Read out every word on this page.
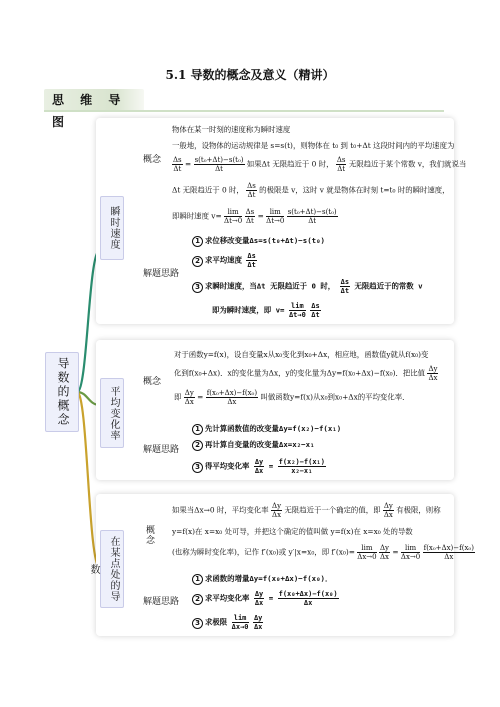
5.1 导数的概念及意义（精讲）
思 维 导 图
导数的概念
瞬时速度
概念
解题思路
物体在某一时刻的速度称为瞬时速度
一般地，设物体的运动规律是 s=s(t)，则物体在 t₀ 到 t₀+Δt 这段时间内的平均速度为
$\frac{\Delta s}{\Delta t} = \frac{\text{s(t₀+Δt)−s(t₀)}}{\Delta t}$ 如果Δt 无限趋近于 0 时， $\frac{\Delta s}{\Delta t}$ 无限趋近于某个常数 v，我们就说当
Δt 无限趋近于 0 时， $\frac{\Delta s}{\Delta t}$ 的极限是 v，这时 v 就是物体在时刻 t=t₀ 时的瞬时速度，
即瞬时速度 $v= \frac{\lim}{\Delta t\to 0}$
$\frac{\Delta s}{\Delta t} = \frac{\lim}{\Delta t\to 0}$
$\frac{\text{s(t₀+Δt)−s(t₀)}}{\Delta t}$
1 求位移改变量Δs=s(t₀+Δt)−s(t₀)
2 求平均速度 $\frac{\Delta s}{\Delta t}$
3 求瞬时速度，当Δt 无限趋近于 0 时， $\frac{\Delta s}{\Delta t}$ 无限趋近于的常数 v
即为瞬时速度，即 $v= \frac{\lim}{\Delta t\to 0}$
$\frac{\Delta s}{\Delta t}$
平均变化率
概念
解题思路
对于函数y=f(x)，设自变量x从x₀变化到x₀+Δx，相应地，函数值y就从f(x₀)变
化到f(x₀+Δx)．x的变化量为Δx，y的变化量为Δy=f(x₀+Δx)−f(x₀)．把比值 $\frac{\Delta y}{\Delta x}$
即 $\frac{\Delta y}{\Delta x} = \frac{\text{f(x₀+Δx)−f(x₀)}}{\Delta x}$ 叫做函数y=f(x)从x₀到x₀+Δx的平均变化率．
1 先计算函数值的改变量Δy=f(x₂)−f(x₁)
2 再计算自变量的改变量Δx=x₂−x₁
3 得平均变化率 $\frac{\Delta y}{\Delta x} = \frac{\text{f(x₂)−f(x₁)}}{\text{x₂−x₁}}$
在某点处的导数
概念
解题思路
如果当Δx→0 时，平均变化率 $\frac{\Delta y}{\Delta x}$ 无限趋近于一个确定的值，即 $\frac{\Delta y}{\Delta x}$ 有极限，则称
y=f(x)在 x=x₀ 处可导，并把这个确定的值叫做 y=f(x)在 x=x₀ 处的导数
(也称为瞬时变化率)，记作 f′(x₀)或 y′|x=x₀，即 $f'(x_0)= \frac{\lim}{\Delta x\to 0}$
$\frac{\Delta y}{\Delta x} = \frac{\lim}{\Delta x\to 0}$
$\frac{\text{f(x₀+Δx)−f(x₀)}}{\Delta x}$
1 求函数的增量Δy=f(x₀+Δx)−f(x₀)．
2 求平均变化率 $\frac{\Delta y}{\Delta x} = \frac{\text{f(x₀+Δx)−f(x₀)}}{\Delta x}$
3 求极限 $\frac{\lim}{\Delta x\to 0}$
$\frac{\Delta y}{\Delta x}$
